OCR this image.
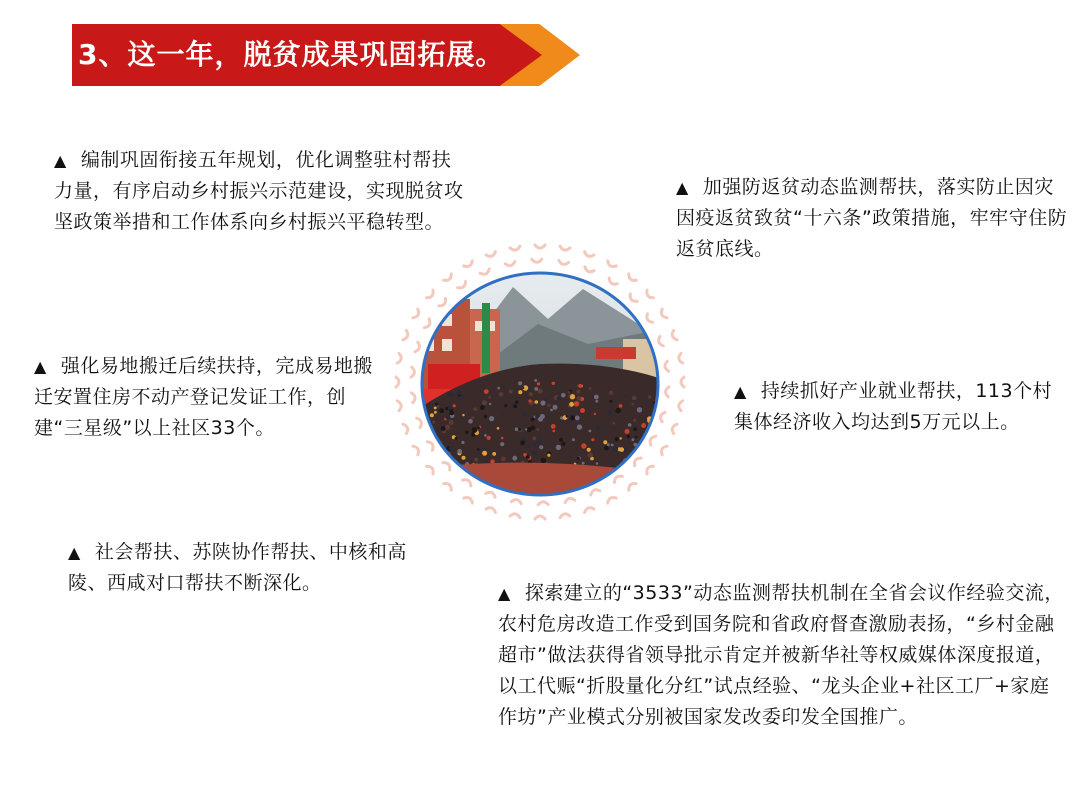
3、这一年，脱贫成果巩固拓展。
▲ 编制巩固衔接五年规划，优化调整驻村帮扶力量，有序启动乡村振兴示范建设，实现脱贫攻坚政策举措和工作体系向乡村振兴平稳转型。
▲ 加强防返贫动态监测帮扶，落实防止因灾因疫返贫致贫“十六条”政策措施，牢牢守住防返贫底线。
▲ 强化易地搬迁后续扶持，完成易地搬迁安置住房不动产登记发证工作，创建“三星级”以上社区33个。
▲ 持续抓好产业就业帮扶，113个村集体经济收入均达到5万元以上。
▲ 社会帮扶、苏陕协作帮扶、中核和高陵、西咸对口帮扶不断深化。	▲ 探索建立的“3533”动态监测帮扶机制在全省会议作经验交流，农村危房改造工作受到国务院和省政府督查激励表扬，“乡村金融超市”做法获得省领导批示肯定并被新华社等权威媒体深度报道，以工代赈“折股量化分红”试点经验、“龙头企业+社区工厂+家庭作坊”产业模式分别被国家发改委印发全国推广。
